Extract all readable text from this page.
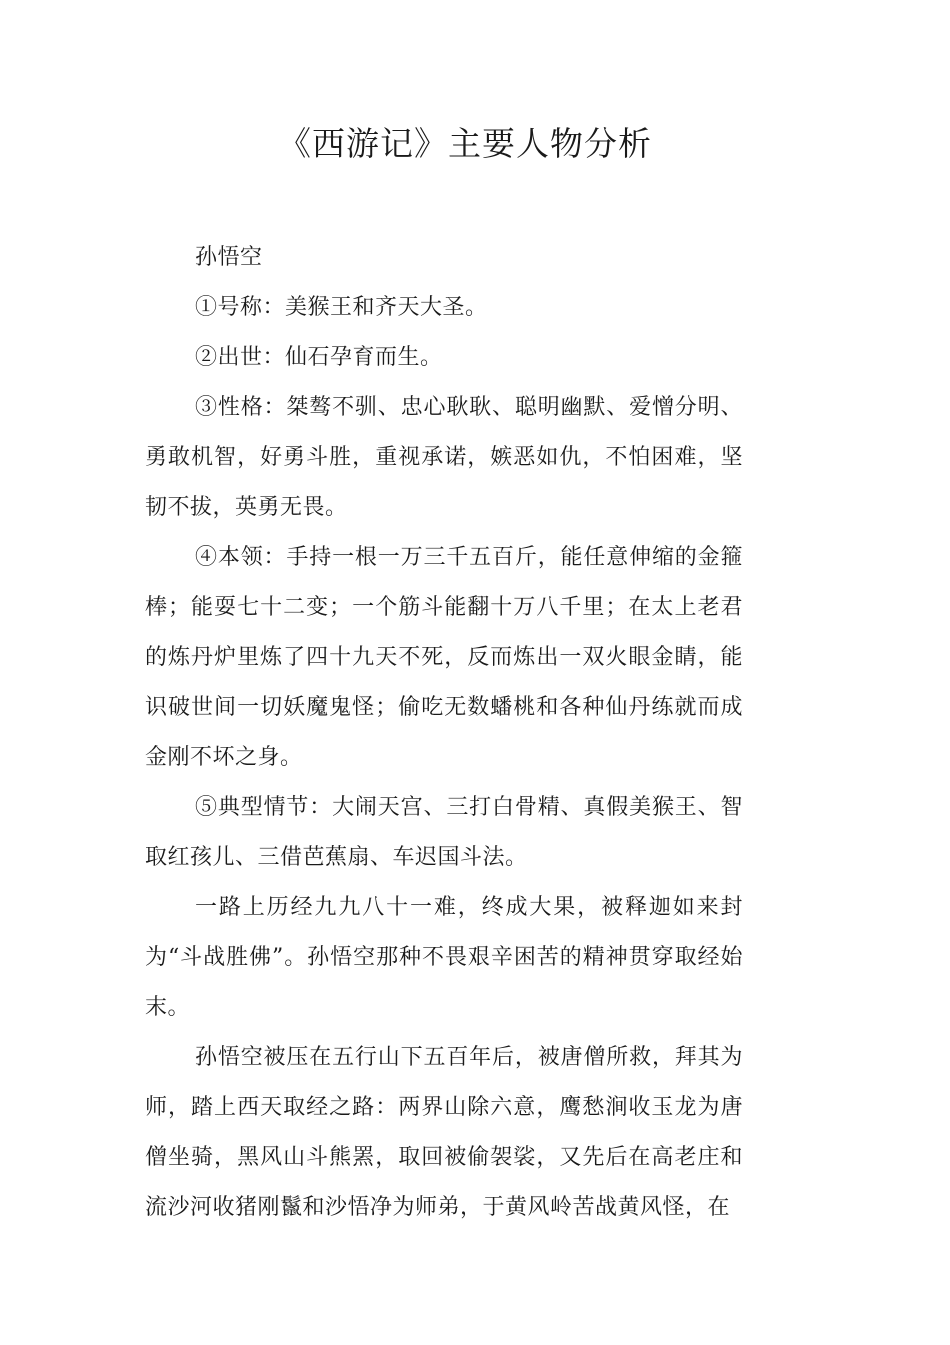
《西游记》主要人物分析

孙悟空

①号称：美猴王和齐天大圣。

②出世：仙石孕育而生。

③性格：桀骜不驯、忠心耿耿、聪明幽默、爱憎分明、勇敢机智，好勇斗胜，重视承诺，嫉恶如仇，不怕困难，坚韧不拔，英勇无畏。

④本领：手持一根一万三千五百斤，能任意伸缩的金箍棒；能耍七十二变；一个筋斗能翻十万八千里；在太上老君的炼丹炉里炼了四十九天不死，反而炼出一双火眼金睛，能识破世间一切妖魔鬼怪；偷吃无数蟠桃和各种仙丹练就而成金刚不坏之身。

⑤典型情节：大闹天宫、三打白骨精、真假美猴王、智取红孩儿、三借芭蕉扇、车迟国斗法。

一路上历经九九八十一难，终成大果，被释迦如来封为“斗战胜佛”。孙悟空那种不畏艰辛困苦的精神贯穿取经始末。

孙悟空被压在五行山下五百年后，被唐僧所救，拜其为师，踏上西天取经之路：两界山除六意，鹰愁涧收玉龙为唐僧坐骑，黑风山斗熊罴，取回被偷袈裟，又先后在高老庄和流沙河收猪刚鬣和沙悟净为师弟，于黄风岭苦战黄风怪，在
